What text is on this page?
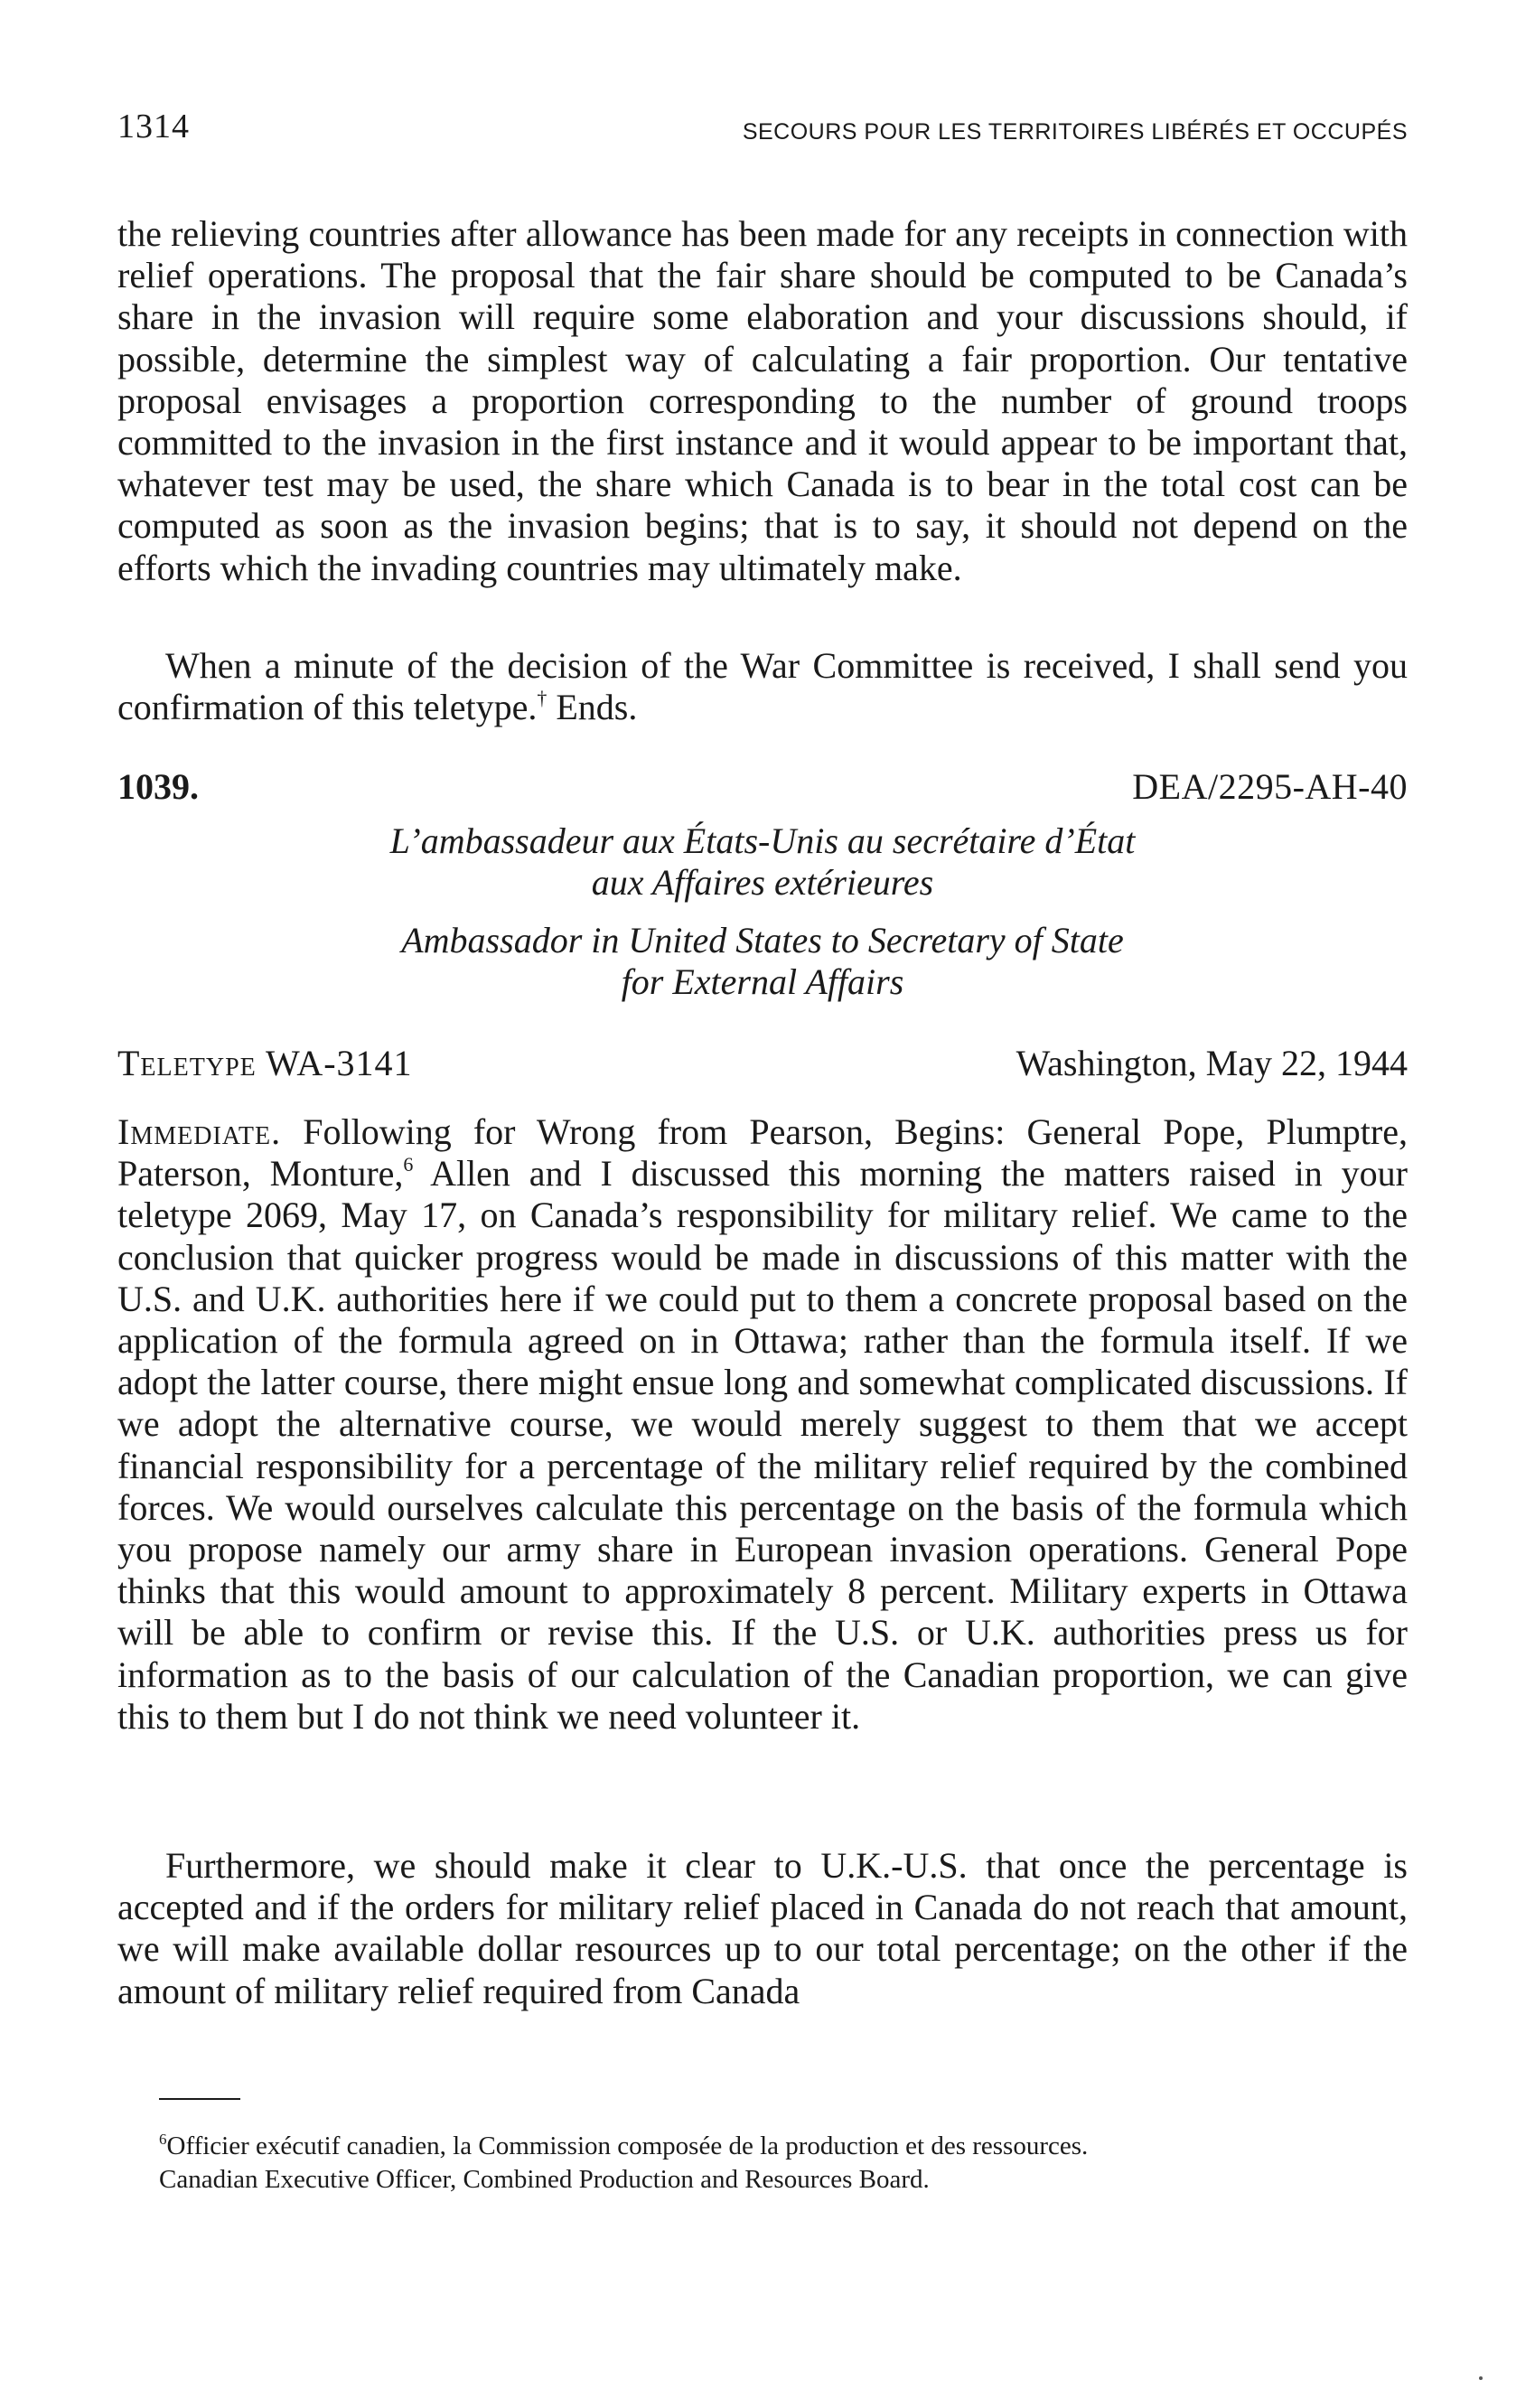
1314	SECOURS POUR LES TERRITOIRES LIBÉRÉS ET OCCUPÉS

the relieving countries after allowance has been made for any receipts in connection with relief operations. The proposal that the fair share should be computed to be Canada’s share in the invasion will require some elaboration and your discussions should, if possible, determine the simplest way of calculating a fair proportion. Our tentative proposal envisages a proportion corresponding to the number of ground troops committed to the invasion in the first instance and it would appear to be important that, whatever test may be used, the share which Canada is to bear in the total cost can be computed as soon as the invasion begins; that is to say, it should not depend on the efforts which the invading countries may ultimately make.

When a minute of the decision of the War Committee is received, I shall send you confirmation of this teletype.† Ends.

1039.	DEA/2295-AH-40
L’ambassadeur aux États-Unis au secrétaire d’État
aux Affaires extérieures
Ambassador in United States to Secretary of State
for External Affairs
Teletype WA-3141	Washington, May 22, 1944

Immediate. Following for Wrong from Pearson, Begins: General Pope, Plumptre, Paterson, Monture,$^6$ Allen and I discussed this morning the matters raised in your teletype 2069, May 17, on Canada’s responsibility for military relief. We came to the conclusion that quicker progress would be made in discussions of this matter with the U.S. and U.K. authorities here if we could put to them a concrete proposal based on the application of the formula agreed on in Ottawa; rather than the formula itself. If we adopt the latter course, there might ensue long and somewhat complicated discussions. If we adopt the alternative course, we would merely suggest to them that we accept financial responsibility for a percentage of the military relief required by the combined forces. We would ourselves calculate this percentage on the basis of the formula which you propose namely our army share in European invasion operations. General Pope thinks that this would amount to approximately 8 percent. Military experts in Ottawa will be able to confirm or revise this. If the U.S. or U.K. authorities press us for information as to the basis of our calculation of the Canadian proportion, we can give this to them but I do not think we need volunteer it.

Furthermore, we should make it clear to U.K.-U.S. that once the percentage is accepted and if the orders for military relief placed in Canada do not reach that amount, we will make available dollar resources up to our total percentage; on the other if the amount of military relief required from Canada

$^6$Officier exécutif canadien, la Commission composée de la production et des ressources.
Canadian Executive Officer, Combined Production and Resources Board.
